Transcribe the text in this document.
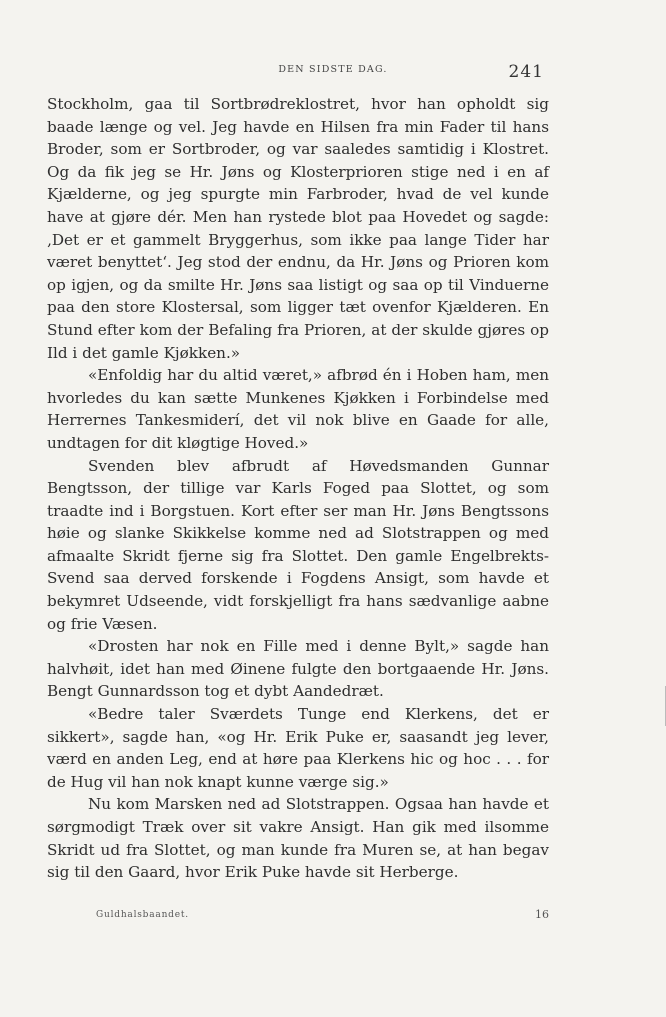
DEN SIDSTE DAG.	241

Stockholm, gaa til Sortbrødreklostret, hvor han opholdt sig baade længe og vel. Jeg havde en Hilsen fra min Fader til hans Broder, som er Sortbroder, og var saaledes samtidig i Klostret. Og da fik jeg se Hr. Jøns og Klosterprioren stige ned i en af Kjælderne, og jeg spurgte min Farbroder, hvad de vel kunde have at gjøre dér. Men han rystede blot paa Hovedet og sagde: ‚Det er et gammelt Bryggerhus, som ikke paa lange Tider har været benyttet‘. Jeg stod der endnu, da Hr. Jøns og Prioren kom op igjen, og da smilte Hr. Jøns saa listigt og saa op til Vinduerne paa den store Klostersal, som ligger tæt ovenfor Kjælderen. En Stund efter kom der Befaling fra Prioren, at der skulde gjøres op Ild i det gamle Kjøkken.»

«Enfoldig har du altid været,» afbrød én i Hoben ham, men hvorledes du kan sætte Munkenes Kjøkken i Forbindelse med Herrernes Tankesmiderí, det vil nok blive en Gaade for alle, undtagen for dit kløgtige Hoved.»

Svenden blev afbrudt af Høvedsmanden Gunnar Bengtsson, der tillige var Karls Foged paa Slottet, og som traadte ind i Borgstuen. Kort efter ser man Hr. Jøns Bengtssons høie og slanke Skikkelse komme ned ad Slotstrappen og med afmaalte Skridt fjerne sig fra Slottet. Den gamle Engelbrekts-Svend saa derved forskende i Fogdens Ansigt, som havde et bekymret Udseende, vidt forskjelligt fra hans sædvanlige aabne og frie Væsen.

«Drosten har nok en Fille med i denne Bylt,» sagde han halvhøit, idet han med Øinene fulgte den bortgaaende Hr. Jøns. Bengt Gunnardsson tog et dybt Aandedræt.

«Bedre taler Sværdets Tunge end Klerkens, det er sikkert», sagde han, «og Hr. Erik Puke er, saasandt jeg lever, værd en anden Leg, end at høre paa Klerkens hic og hoc . . . for de Hug vil han nok knapt kunne værge sig.»

Nu kom Marsken ned ad Slotstrappen. Ogsaa han havde et sørgmodigt Træk over sit vakre Ansigt. Han gik med ilsomme Skridt ud fra Slottet, og man kunde fra Muren se, at han begav sig til den Gaard, hvor Erik Puke havde sit Herberge.

Guldhalsbaandet.	16
